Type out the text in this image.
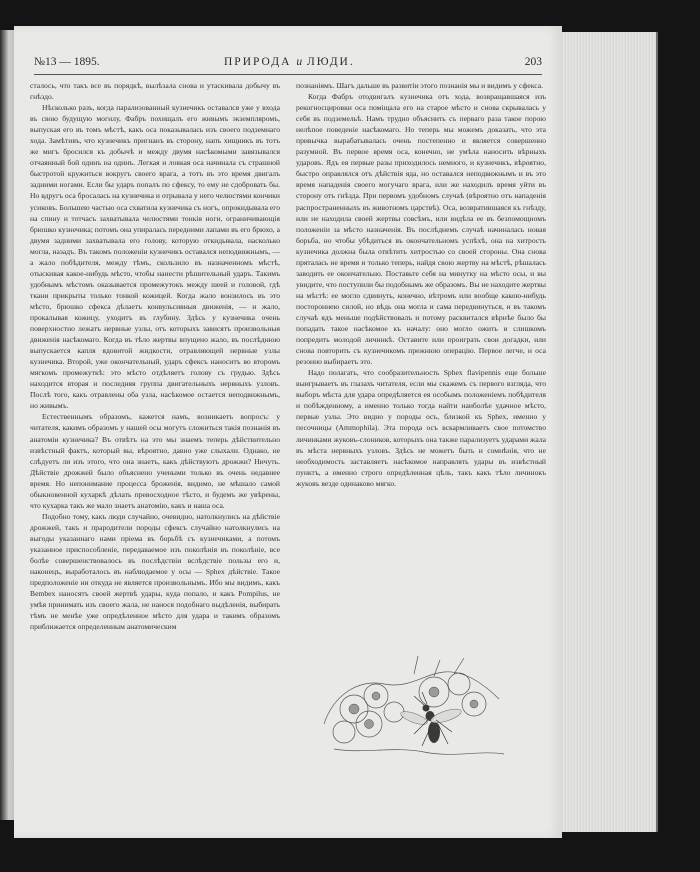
№13 — 1895.	ПРИРОДА и ЛЮДИ.	203

сталось, что такъ все въ порядкѣ, вылѣзала снова и утаскивала добычу въ гнѣздо.

Нѣсколько разъ, когда парализованный кузнечикъ оставался уже у входа въ свою будущую могилу, Фабръ похищалъ его живымъ экземпляромъ, выпуская его въ томъ мѣстѣ, какъ оса показывалась изъ своего подземнаго хода. Замѣтивъ, что кузнечикъ пригнанъ въ сторону, напъ хищникъ въ тотъ же мигъ бросился къ добычѣ и между двумя насѣкомыми завязывался отчаянный бой одинъ на одинъ. Легкая и ловкая оса начинала съ страшной быстротой кружиться вокругъ своего врага, а тотъ въ это время двигалъ задними ногами. Если бы ударъ попалъ по сфексу, то ему не сдобровать бы. Но вдругъ оса бросалась на кузнечика и отрывала у него челюстями кончики усиковъ. Большею частью оса схватила кузнечика съ ногъ, опрокидывала его на спину и тотчасъ захватывала челюстями тонкія ноги, ограничивающія брюшко кузнечика; потомъ она упиралась передними лапами въ его брюхо, а двумя задними захватывала его голову, которую откидывала, насколько могла, назадъ. Въ такомъ положеніи кузнечикъ оставался неподвижнымъ, — а жало побѣдителя, между тѣмъ, скользило въ назначенномъ мѣстѣ, отыскивая какое-нибудь мѣсто, чтобы нанести рѣшительный ударъ. Такимъ удобнымъ мѣстомъ оказывается промежутокъ между шеей и головой, гдѣ ткани прикрыты только тонкой кожицей. Когда жало вонзилось въ это мѣсто, брюшко сфекса дѣлаетъ конвульсивныя движенія, — и жало, прокалывая кожицу, уходитъ въ глубину. Здѣсь у кузнечика очень поверхностно лежатъ нервные узлы, отъ которыхъ зависятъ произвольныя движенія насѣкомаго. Когда въ тѣло жертвы впущено жало, въ послѣднюю выпускается капля ядовитой жидкости, отравляющей нервные узлы кузнечика. Второй, уже окончательный, ударъ сфексъ наноситъ во второмъ мягкомъ промежуткѣ: это мѣсто отдѣляетъ голову съ грудью. Здѣсь находится вторая и последняя группа двигательныхъ нервныхъ узловъ. Послѣ того, какъ отравлены оба узла, насѣкомое остается неподвижнымъ, но живымъ.

Естественнымъ образомъ, кажется намъ, возникаетъ вопросъ: у читателя, какимъ образомъ у нашей осы могутъ сложиться такія познанія въ анатоміи кузнечика? Въ отвѣтъ на это мы знаемъ теперь дѣйствительно извѣстный фактъ, который вы, вѣроятно, давно уже слыхали. Однако, не слѣдуетъ ли изъ этого, что она знаетъ, какъ дѣйствуютъ дрожжи? Ничуть. Дѣйствіе дрожжей было объяснено учеными только въ очень недавнее время. Но непонимание процесса броженія, видимо, не мѣшало самой обыкновенной кухаркѣ дѣлать превосходное тѣсто, и будемъ же увѣрены, что кухарка такъ же мало знаетъ анатомію, какъ и наша оса.

Подобно тому, какъ люди случайно, очевидно, натолкнулись на дѣйствіе дрожжей, такъ и прародители породы сфексъ случайно натолкнулись на выгоды указаннаго нами пріема въ борьбѣ съ кузнечиками, а потомъ указанное приспособленіе, передаваемое изъ поколѣнія въ поколѣніе, все болѣе совершенствовалось въ послѣдствіи вслѣдствіе пользы его и, наконецъ, выработалось въ наблюдаемое у осы — Sphex дѣйствіе. Такое предположеніе ни откуда не является произвольнымъ. Ибо мы видимъ, какъ Bembex наносятъ своей жертвѣ удары, куда попало, и какъ Pompilus, не умѣя принимать изъ своего жала, не нанося подобнаго выдѣленія, выбирать тѣмъ не менѣе уже опредѣленное мѣсто для удара и такимъ образомъ приближается определенным анатомическим

познаніямъ. Шагъ дальше въ развитіи этого познанія мы и видимъ у сфекса.

Когда Фабръ отодвигалъ кузнечика отъ хода, возвращавшаяся изъ рекогносцировки оса поміщала его на старое мѣсто и снова скрывалась у себя въ подземельѣ. Намъ трудно объяснить съ перваго раза такое порою нелѣпое поведеніе насѣкомаго. Но теперь мы можемъ доказать, что эта привычка вырабатывалась очень постепенно и является совершенно разумной. Въ первое время оса, конечно, не умѣла наносить вѣрныхъ ударовъ. Ядъ ея первые разы приходилось немного, и кузнечикъ, вѣроятно, быстро оправлялся отъ дѣйствія яда, но оставался неподвижнымъ и въ это время нападенія своего могучаго врага, или же находилъ время уйти въ сторону отъ гнѣзда. При первомъ удобномъ случаѣ (вѣроятно отъ нападенія распространенныхъ въ животномъ царствѣ). Оса, возвратившаяся къ гнѣзду, или не находила своей жертвы совсѣмъ, или видѣла ее въ безпомощномъ положеніи за мѣсто назначенія. Въ послѣднемъ случаѣ начиналась новая борьба, но чтобы убѣдиться въ окончательномъ успѣхѣ, она на хитрость кузнечика должна была отвѣтить хитростью со своей стороны. Она снова пряталась не время и только теперь, найдя свою жертву на мѣстѣ, рѣшалась заводить ее окончательно. Поставьте себя на минутку на мѣсто осы, и вы увидите, что поступили бы подобнымъ же образомъ. Вы не находите жертвы на мѣстѣ: ее могло сдвинуть, конечно, вѣтромъ или вообще какою-нибудь постороннею силой, но вѣдь она могла и сама передвинуться, и въ такомъ случаѣ ядъ меньше подѣйствовалъ и потому расквитался вѣрнѣе было бы попадать такое насѣкомое къ началу: оно могло ожить и слишкомъ попредить молодой личинкѣ. Оставите или проиграть свои догадки, или снова повторить съ кузнечикомъ прежнюю операцію. Первое легче, и оса резонно выбираетъ это.

Надо полагать, что сообразительность Sphex flavipennis еще больше выигрываетъ въ глазахъ читателя, если мы скажемъ съ первого взгляда, что выборъ мѣста для удара опредѣляется ея особымъ положеніемъ побѣдителя и побѣжденному, а именно только тогда найти наиболѣе удачное мѣсто, первые узлы. Это видно у породы осъ, близкой къ Sphex, именно у песочницы (Ammophila). Эта порода осъ вскармливаетъ свое потомство личинками жуковъ-слоников, которыхъ она также парализуетъ ударами жала въ мѣста нервныхъ узловъ. Здѣсь не можетъ быть и сомнѣнія, что не необходимость заставляетъ насѣкомое направлять удары въ извѣстный пунктъ, а именно строго опредѣленная цѣль, такъ какъ тѣло личинокъ жуковъ везде одинаково мягко.
